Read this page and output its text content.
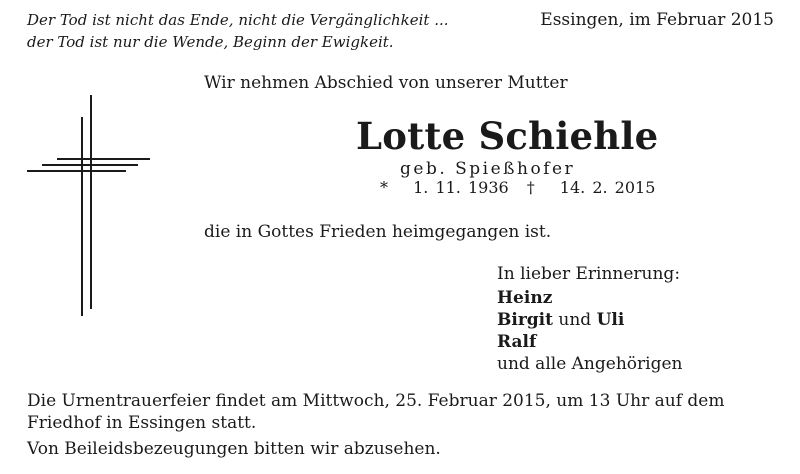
Der Tod ist nicht das Ende, nicht die Vergänglichkeit ...
der Tod ist nur die Wende, Beginn der Ewigkeit.
Essingen, im Februar 2015
Wir nehmen Abschied von unserer Mutter
Lotte Schiehle
geb. Spießhofer
* 1. 11. 1936 † 14. 2. 2015
die in Gottes Frieden heimgegangen ist.
In lieber Erinnerung:
Heinz
Birgit und Uli
Ralf
und alle Angehörigen
Die Urnentrauerfeier findet am Mittwoch, 25. Februar 2015, um 13 Uhr auf dem Friedhof in Essingen statt.
Von Beileidsbezeugungen bitten wir abzusehen.
